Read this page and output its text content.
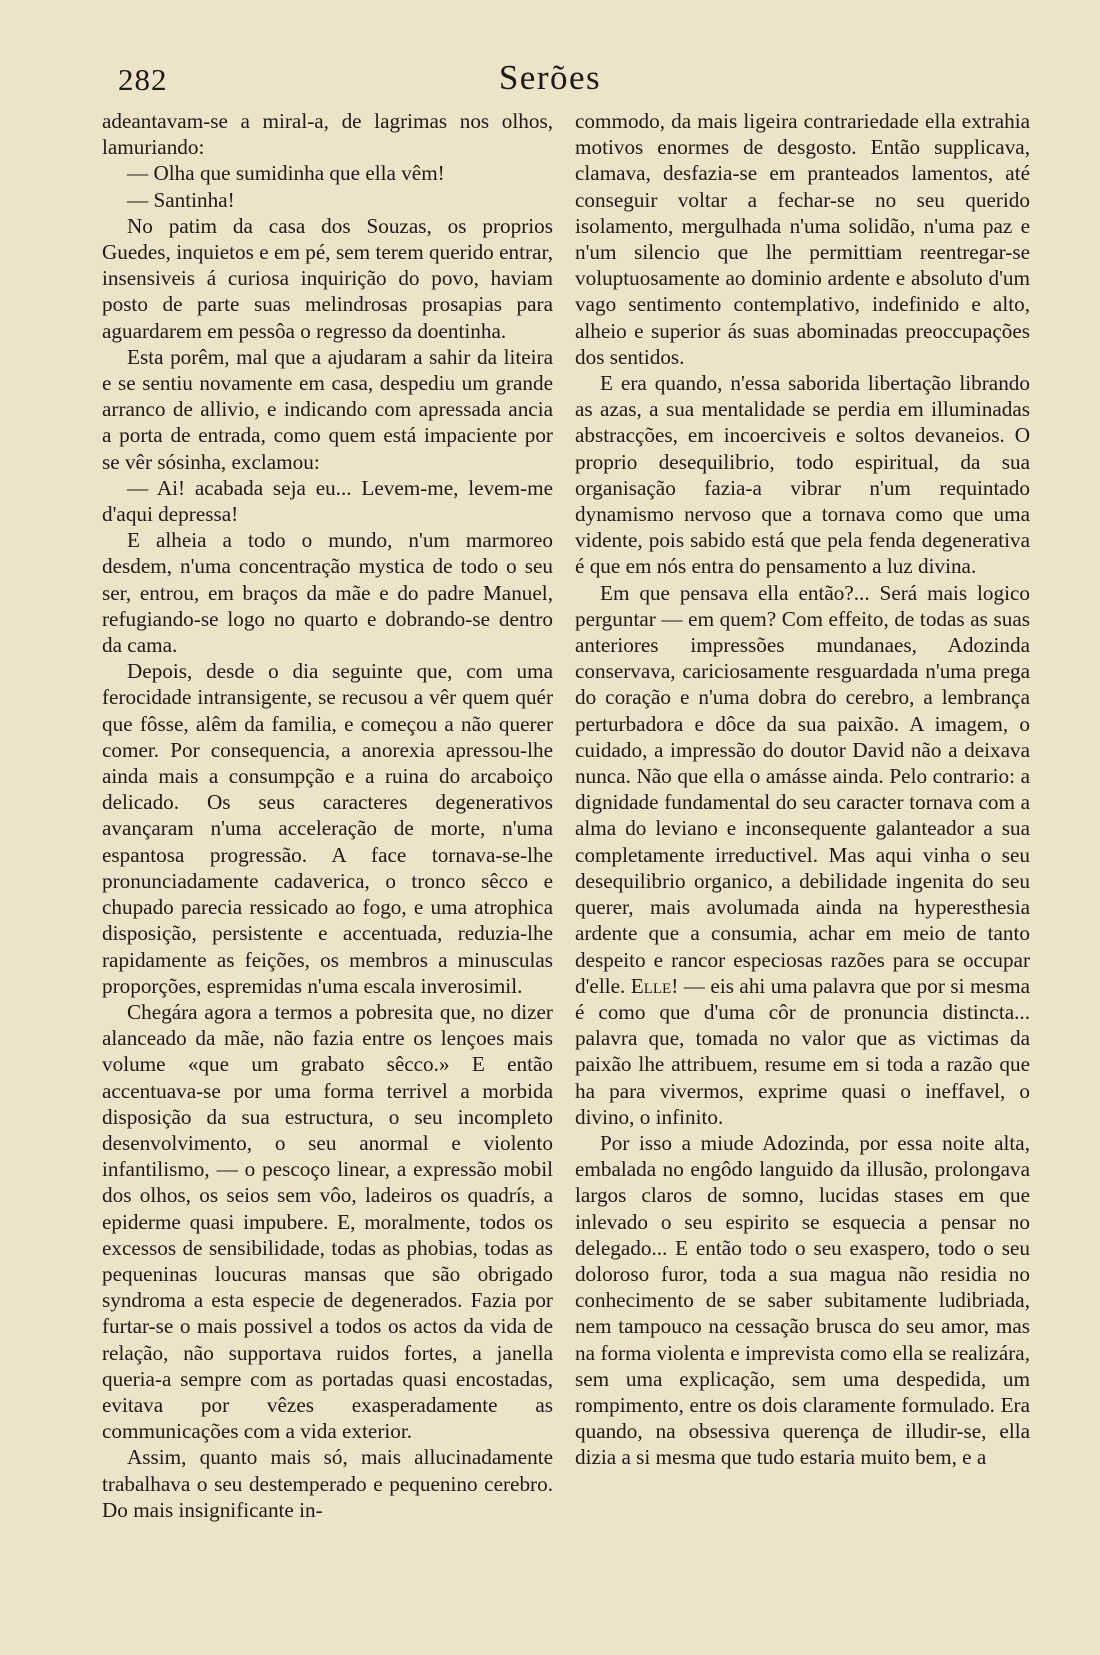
282	Serões

adeantavam-se a miral-a, de lagrimas nos olhos, lamuriando:

— Olha que sumidinha que ella vêm!

— Santinha!

No patim da casa dos Souzas, os proprios Guedes, inquietos e em pé, sem terem querido entrar, insensiveis á curiosa inquirição do povo, haviam posto de parte suas melindrosas prosapias para aguardarem em pessôa o regresso da doentinha.

Esta porêm, mal que a ajudaram a sahir da liteira e se sentiu novamente em casa, despediu um grande arranco de allivio, e indicando com apressada ancia a porta de entrada, como quem está impaciente por se vêr sósinha, exclamou:

— Ai! acabada seja eu... Levem-me, levem-me d'aqui depressa!

E alheia a todo o mundo, n'um marmoreo desdem, n'uma concentração mystica de todo o seu ser, entrou, em braços da mãe e do padre Manuel, refugiando-se logo no quarto e dobrando-se dentro da cama.

Depois, desde o dia seguinte que, com uma ferocidade intransigente, se recusou a vêr quem quér que fôsse, alêm da familia, e começou a não querer comer. Por consequencia, a anorexia apressou-lhe ainda mais a consumpção e a ruina do arcaboiço delicado. Os seus caracteres degenerativos avançaram n'uma acceleração de morte, n'uma espantosa progressão. A face tornava-se-lhe pronunciadamente cadaverica, o tronco sêcco e chupado parecia ressicado ao fogo, e uma atrophica disposição, persistente e accentuada, reduzia-lhe rapidamente as feições, os membros a minusculas proporções, espremidas n'uma escala inverosimil.

Chegára agora a termos a pobresita que, no dizer alanceado da mãe, não fazia entre os lençoes mais volume «que um grabato sêcco.» E então accentuava-se por uma forma terrivel a morbida disposição da sua estructura, o seu incompleto desenvolvimento, o seu anormal e violento infantilismo, — o pescoço linear, a expressão mobil dos olhos, os seios sem vôo, ladeiros os quadrís, a epiderme quasi impubere. E, moralmente, todos os excessos de sensibilidade, todas as phobias, todas as pequeninas loucuras mansas que são obrigado syndroma a esta especie de degenerados. Fazia por furtar-se o mais possivel a todos os actos da vida de relação, não supportava ruidos fortes, a janella queria-a sempre com as portadas quasi encostadas, evitava por vêzes exasperadamente as communicações com a vida exterior.

Assim, quanto mais só, mais allucinadamente trabalhava o seu destemperado e pequenino cerebro. Do mais insignificante in-

commodo, da mais ligeira contrariedade ella extrahia motivos enormes de desgosto. Então supplicava, clamava, desfazia-se em pranteados lamentos, até conseguir voltar a fechar-se no seu querido isolamento, mergulhada n'uma solidão, n'uma paz e n'um silencio que lhe permittiam reentregar-se voluptuosamente ao dominio ardente e absoluto d'um vago sentimento contemplativo, indefinido e alto, alheio e superior ás suas abominadas preoccupações dos sentidos.

E era quando, n'essa saborida libertação librando as azas, a sua mentalidade se perdia em illuminadas abstracções, em incoerciveis e soltos devaneios. O proprio desequilibrio, todo espiritual, da sua organisação fazia-a vibrar n'um requintado dynamismo nervoso que a tornava como que uma vidente, pois sabido está que pela fenda degenerativa é que em nós entra do pensamento a luz divina.

Em que pensava ella então?... Será mais logico perguntar — em quem? Com effeito, de todas as suas anteriores impressões mundanaes, Adozinda conservava, cariciosamente resguardada n'uma prega do coração e n'uma dobra do cerebro, a lembrança perturbadora e dôce da sua paixão. A imagem, o cuidado, a impressão do doutor David não a deixava nunca. Não que ella o amásse ainda. Pelo contrario: a dignidade fundamental do seu caracter tornava com a alma do leviano e inconsequente galanteador a sua completamente irreductivel. Mas aqui vinha o seu desequilibrio organico, a debilidade ingenita do seu querer, mais avolumada ainda na hyperesthesia ardente que a consumia, achar em meio de tanto despeito e rancor especiosas razões para se occupar d'elle. Elle! — eis ahi uma palavra que por si mesma é como que d'uma côr de pronuncia distincta... palavra que, tomada no valor que as victimas da paixão lhe attribuem, resume em si toda a razão que ha para vivermos, exprime quasi o ineffavel, o divino, o infinito.

Por isso a miude Adozinda, por essa noite alta, embalada no engôdo languido da illusão, prolongava largos claros de somno, lucidas stases em que inlevado o seu espirito se esquecia a pensar no delegado... E então todo o seu exaspero, todo o seu doloroso furor, toda a sua magua não residia no conhecimento de se saber subitamente ludibriada, nem tampouco na cessação brusca do seu amor, mas na forma violenta e imprevista como ella se realizára, sem uma explicação, sem uma despedida, um rompimento, entre os dois claramente formulado. Era quando, na obsessiva querença de illudir-se, ella dizia a si mesma que tudo estaria muito bem, e a
